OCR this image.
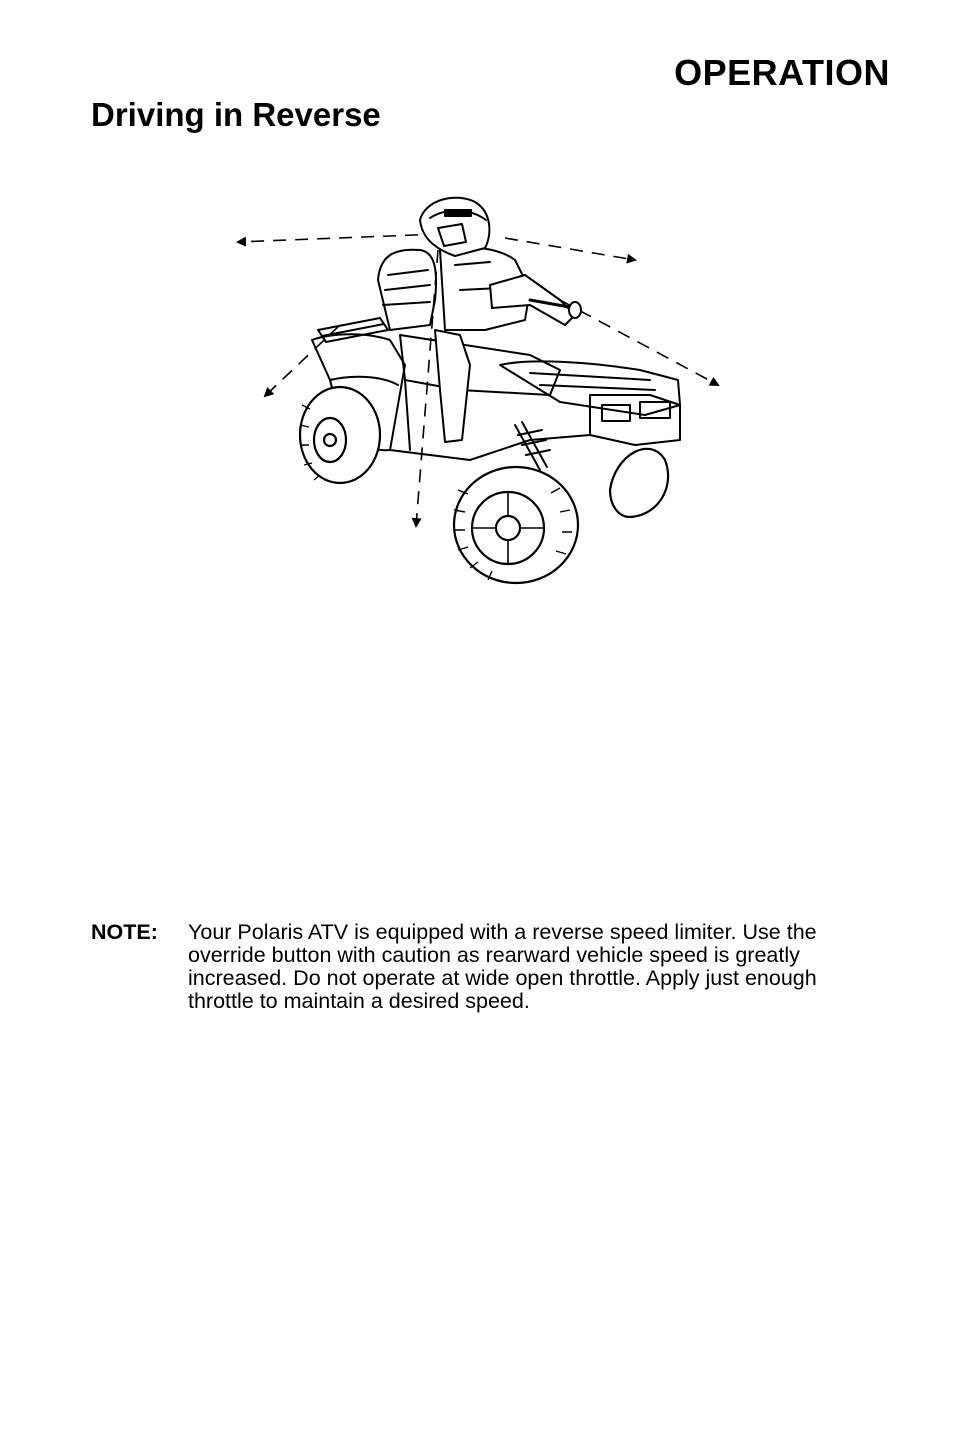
OPERATION
Driving in Reverse
NOTE:	Your Polaris ATV is equipped with a reverse speed limiter. Use the override button with caution as rearward vehicle speed is greatly increased. Do not operate at wide open throttle. Apply just enough throttle to maintain a desired speed.
